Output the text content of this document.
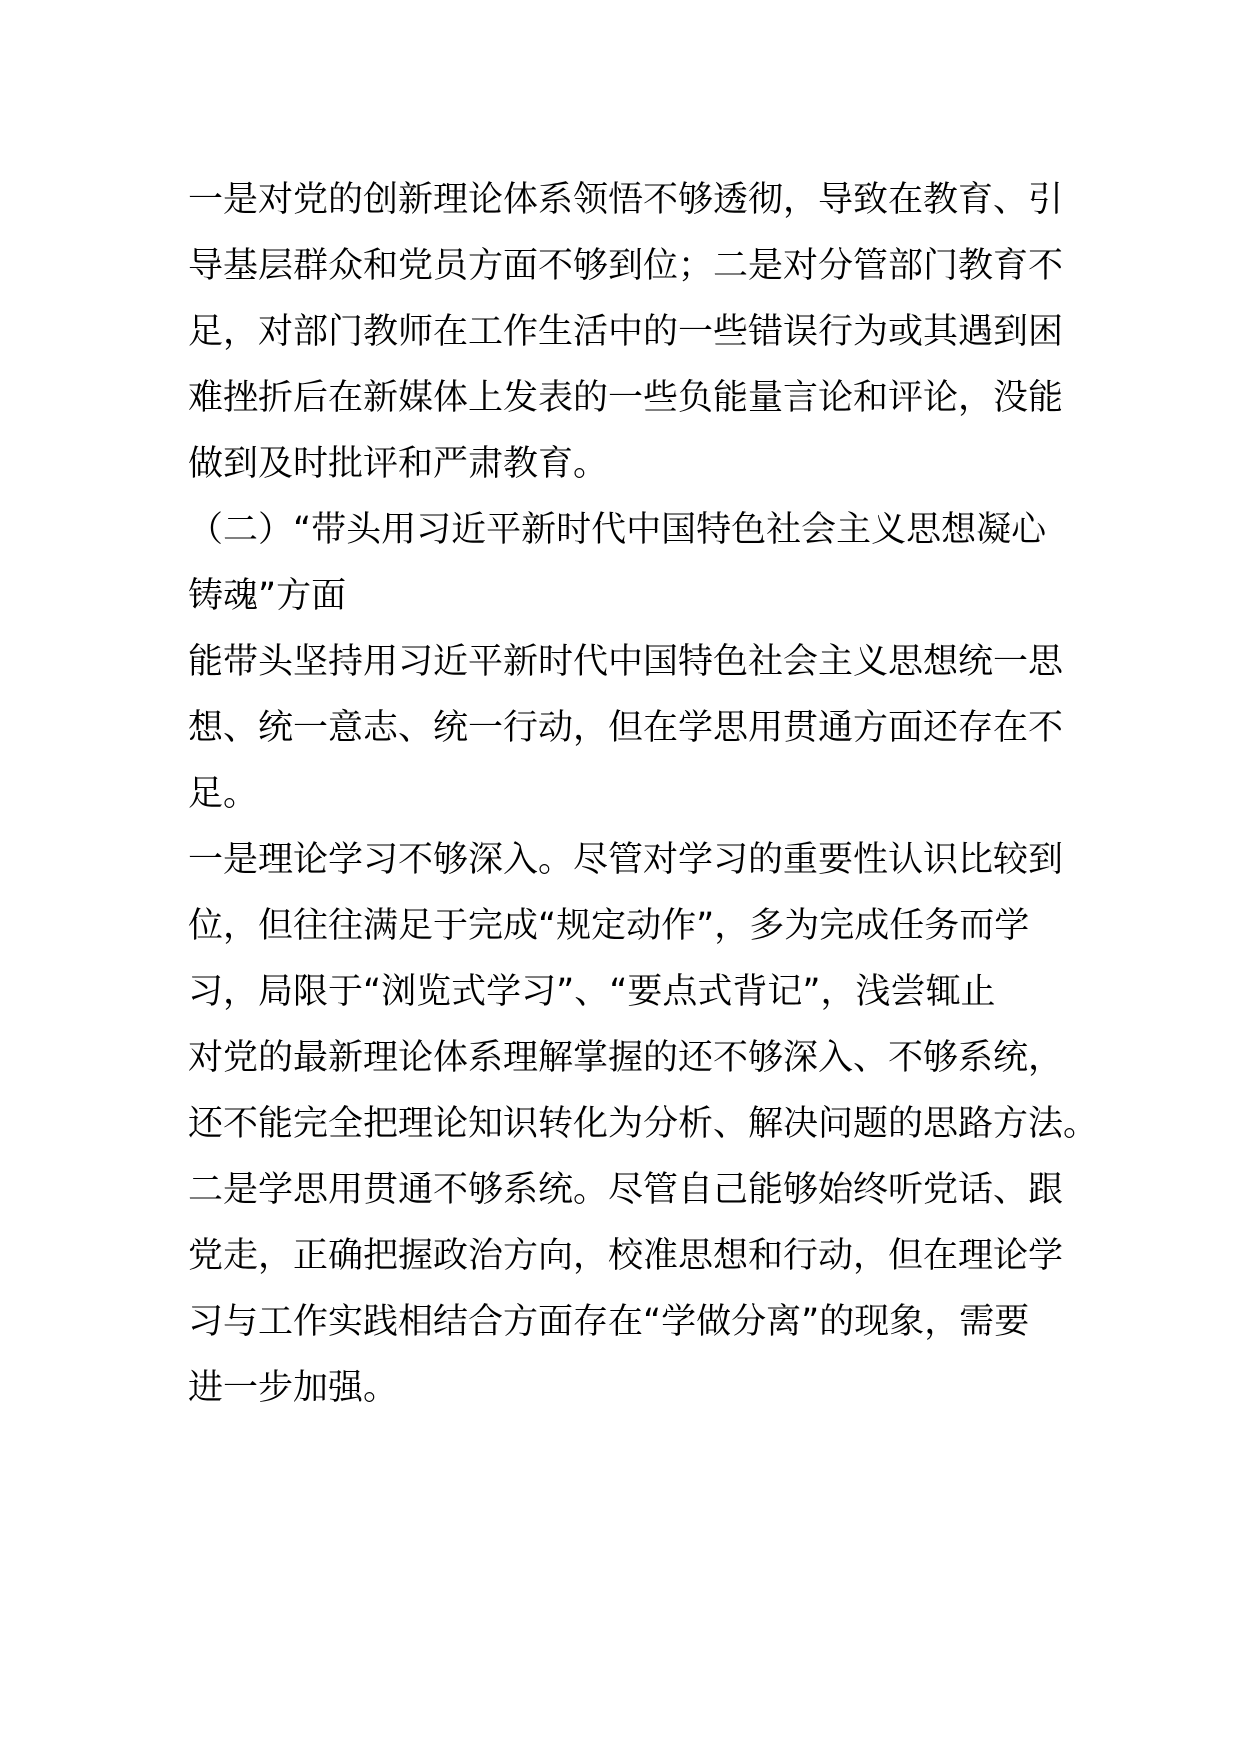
一是对党的创新理论体系领悟不够透彻，导致在教育、引
导基层群众和党员方面不够到位；二是对分管部门教育不
足，对部门教师在工作生活中的一些错误行为或其遇到困
难挫折后在新媒体上发表的一些负能量言论和评论，没能
做到及时批评和严肃教育。
（二）“带头用习近平新时代中国特色社会主义思想凝心
铸魂”方面
能带头坚持用习近平新时代中国特色社会主义思想统一思
想、统一意志、统一行动，但在学思用贯通方面还存在不
足。
一是理论学习不够深入。尽管对学习的重要性认识比较到
位，但往往满足于完成“规定动作”，多为完成任务而学
习，局限于“浏览式学习”、“要点式背记”，浅尝辄止
对党的最新理论体系理解掌握的还不够深入、不够系统，
还不能完全把理论知识转化为分析、解决问题的思路方法。
二是学思用贯通不够系统。尽管自己能够始终听党话、跟
党走，正确把握政治方向，校准思想和行动，但在理论学
习与工作实践相结合方面存在“学做分离”的现象，需要
进一步加强。
